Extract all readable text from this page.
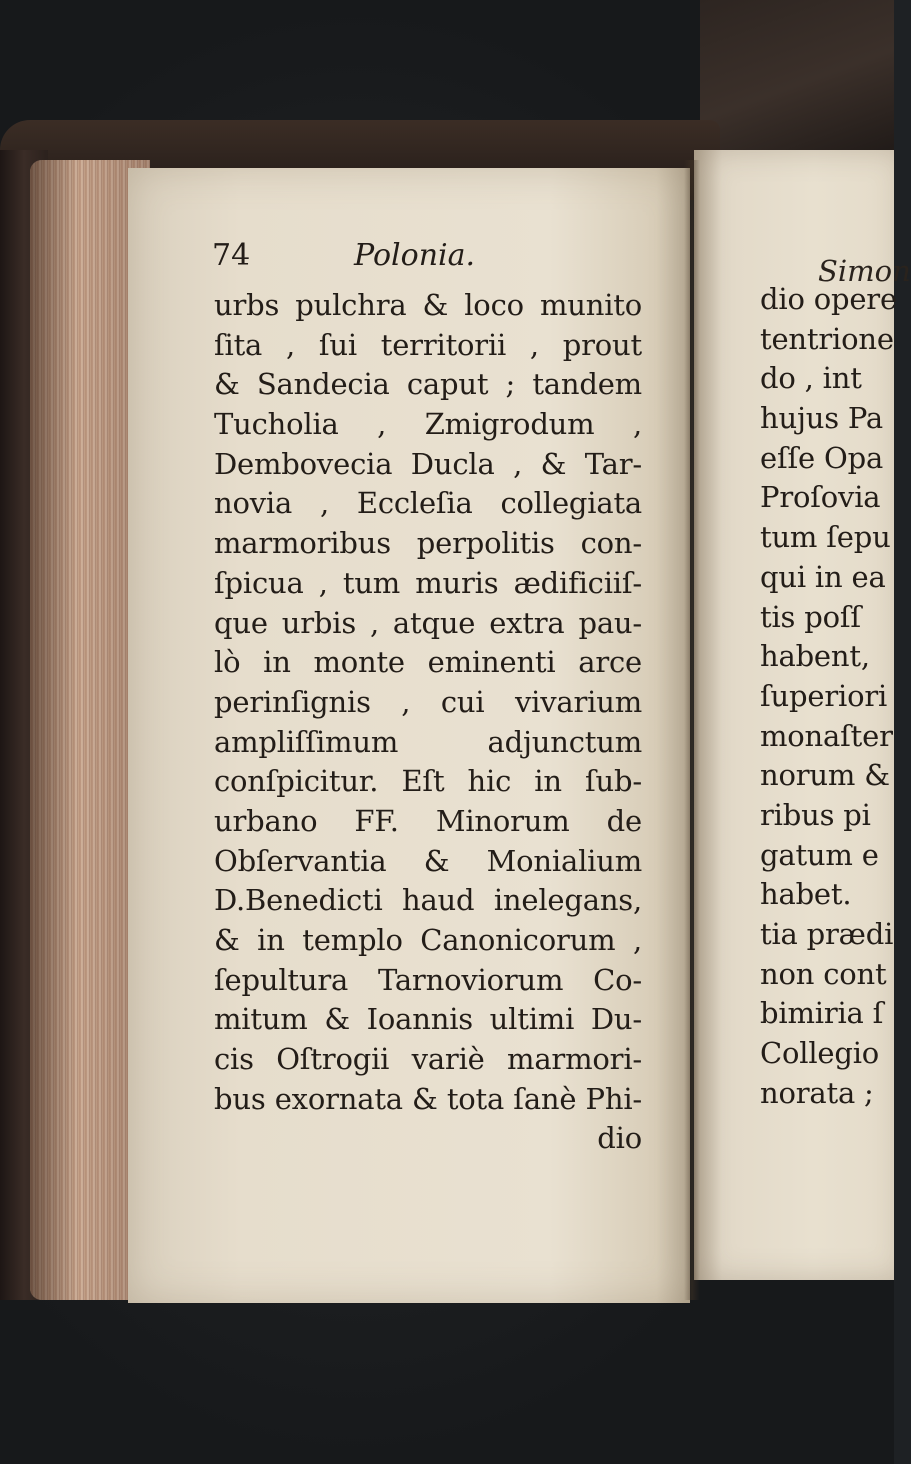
74	Polonia.
urbs pulchra & loco munito
ſita , ſui territorii , prout
& Sandecia caput ; tandem
Tucholia , Zmigrodum ,
Dembovecia Ducla , & Tar-
novia , Eccleſia collegiata
marmoribus perpolitis con-
ſpicua , tum muris ædificiiſ-
que urbis , atque extra pau-
lò in monte eminenti arce
perinſignis , cui vivarium
ampliſſimum adjunctum
conſpicitur. Eſt hic in ſub-
urbano FF. Minorum de
Obſervantia & Monialium
D.Benedicti haud inelegans,
& in templo Canonicorum ,
ſepultura Tarnoviorum Co-
mitum & Ioannis ultimi Du-
cis Oſtrogii variè marmori-
bus exornata & tota ſanè Phi-
dio
Simon
dio opere
tentrione
do , int
hujus Pa
eſſe Opa
Proſovia
tum ſepu
qui in ea
tis poſſ
habent,
ſuperiori
monaſter
norum &
ribus pi
gatum e
habet.
tia prædi
non cont
bimiria ſ
Collegio
norata ;
